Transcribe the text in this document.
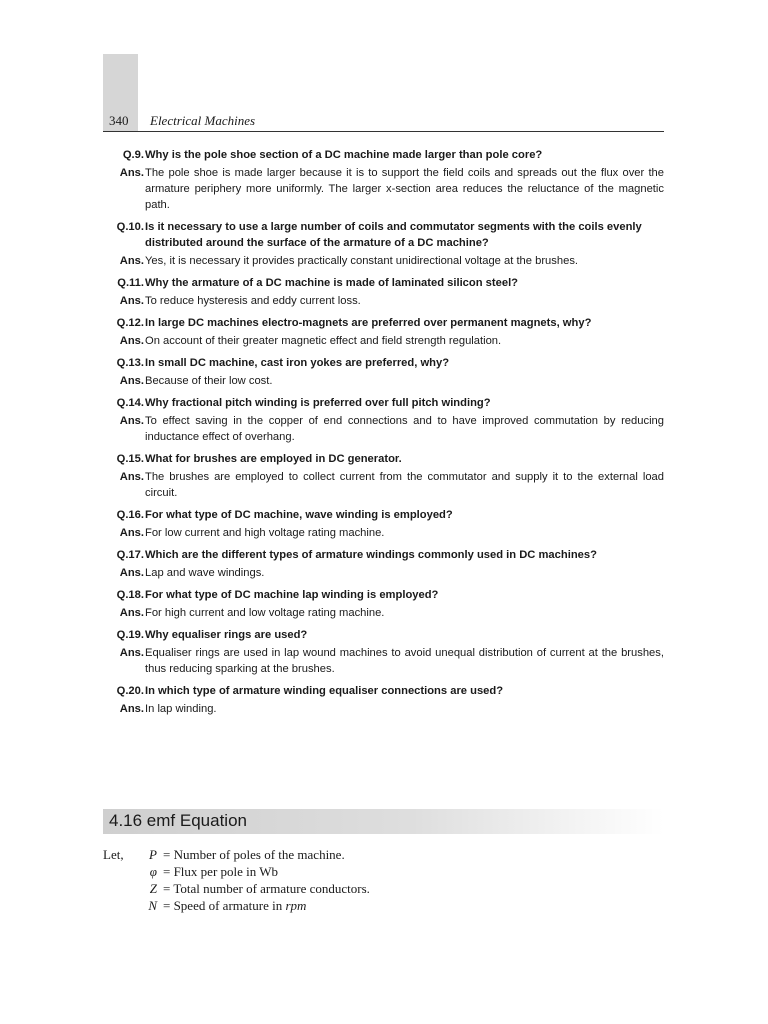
340 Electrical Machines
Q.9. Why is the pole shoe section of a DC machine made larger than pole core?
Ans. The pole shoe is made larger because it is to support the field coils and spreads out the flux over the armature periphery more uniformly. The larger x-section area reduces the reluctance of the magnetic path.
Q.10. Is it necessary to use a large number of coils and commutator segments with the coils evenly distributed around the surface of the armature of a DC machine?
Ans. Yes, it is necessary it provides practically constant unidirectional voltage at the brushes.
Q.11. Why the armature of a DC machine is made of laminated silicon steel?
Ans. To reduce hysteresis and eddy current loss.
Q.12. In large DC machines electro-magnets are preferred over permanent magnets, why?
Ans. On account of their greater magnetic effect and field strength regulation.
Q.13. In small DC machine, cast iron yokes are preferred, why?
Ans. Because of their low cost.
Q.14. Why fractional pitch winding is preferred over full pitch winding?
Ans. To effect saving in the copper of end connections and to have improved commutation by reducing inductance effect of overhang.
Q.15. What for brushes are employed in DC generator.
Ans. The brushes are employed to collect current from the commutator and supply it to the external load circuit.
Q.16. For what type of DC machine, wave winding is employed?
Ans. For low current and high voltage rating machine.
Q.17. Which are the different types of armature windings commonly used in DC machines?
Ans. Lap and wave windings.
Q.18. For what type of DC machine lap winding is employed?
Ans. For high current and low voltage rating machine.
Q.19. Why equaliser rings are used?
Ans. Equaliser rings are used in lap wound machines to avoid unequal distribution of current at the brushes, thus reducing sparking at the brushes.
Q.20. In which type of armature winding equaliser connections are used?
Ans. In lap winding.
4.16 emf Equation
Let,	P = Number of poles of the machine.
φ = Flux per pole in Wb
Z = Total number of armature conductors.
N = Speed of armature in rpm
